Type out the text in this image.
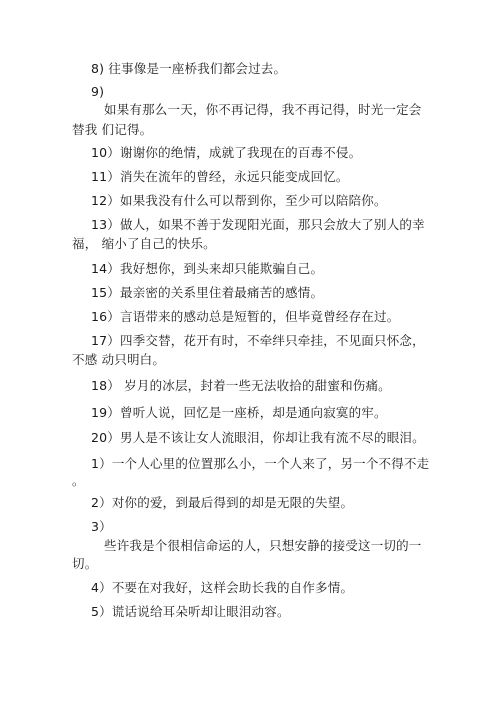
8) 往事像是一座桥我们都会过去。
9)
如果有那么一天，你不再记得，我不再记得，时光一定会
替我 们记得。
10）谢谢你的绝情，成就了我现在的百毒不侵。
11）消失在流年的曾经，永远只能变成回忆。
12）如果我没有什么可以帮到你，至少可以陪陪你。
13）做人，如果不善于发现阳光面，那只会放大了别人的幸
福， 缩小了自己的快乐。
14）我好想你，到头来却只能欺骗自己。
15）最亲密的关系里住着最痛苦的感情。
16）言语带来的感动总是短暂的，但毕竟曾经存在过。
17）四季交替，花开有时，不牵绊只牵挂，不见面只怀念，
不感 动只明白。
18） 岁月的冰层，封着一些无法收拾的甜蜜和伤痛。
19）曾听人说，回忆是一座桥，却是通向寂寞的牢。
20）男人是不该让女人流眼泪，你却让我有流不尽的眼泪。
1）一个人心里的位置那么小，一个人来了，另一个不得不走
。
2）对你的爱，到最后得到的却是无限的失望。
3）
些许我是个很相信命运的人，只想安静的接受这一切的一
切。
4）不要在对我好，这样会助长我的自作多情。
5）谎话说给耳朵听却让眼泪动容。
